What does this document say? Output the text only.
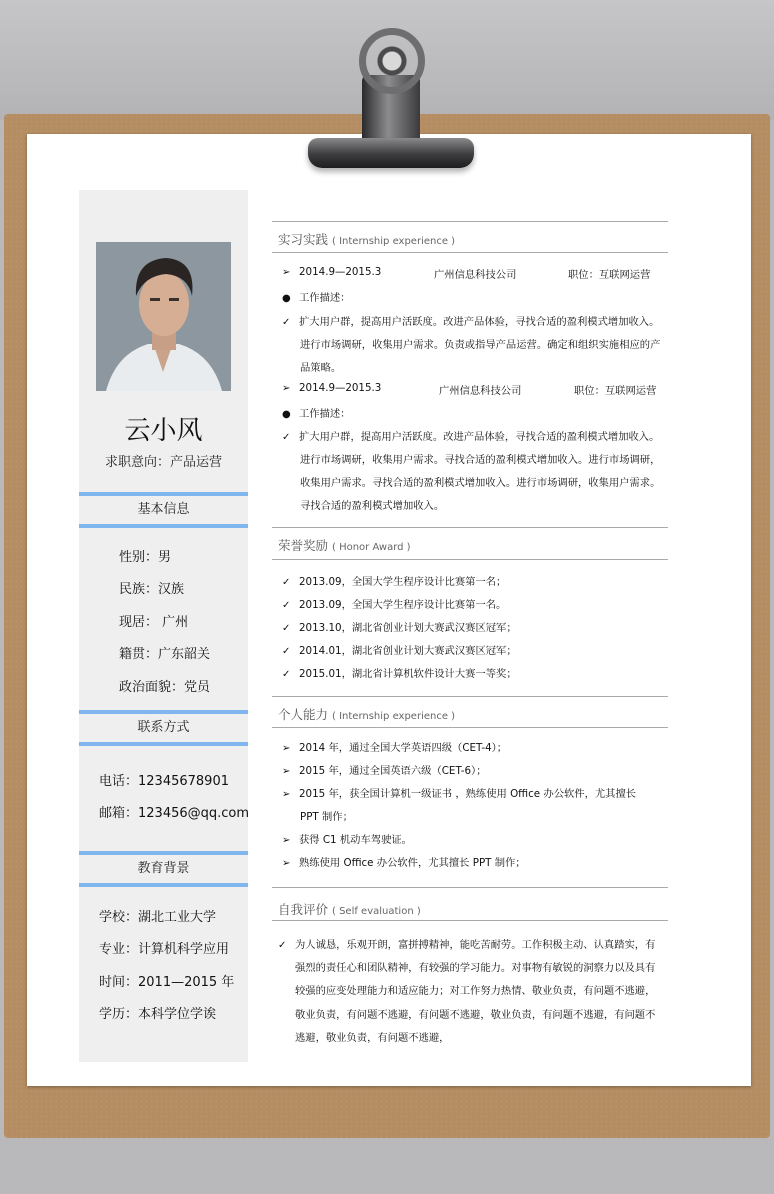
云小风
求职意向：产品运营
基本信息
性别：男
民族：汉族
现居： 广州
籍贯：广东韶关
政治面貌：党员
联系方式
电话：12345678901
邮箱：123456@qq.com
教育背景
学校：湖北工业大学
专业：计算机科学应用
时间：2011—2015 年
学历：本科学位学诶
实习实践 ( Internship experience )
➢ 2014.9—2015.3	广州信息科技公司	职位：互联网运营
● 工作描述：
✓ 扩大用户群，提高用户活跃度。改进产品体验，寻找合适的盈利模式增加收入。
进行市场调研，收集用户需求。负责或指导产品运营。确定和组织实施相应的产
品策略。
➢ 2014.9—2015.3	广州信息科技公司	职位：互联网运营
● 工作描述：
✓ 扩大用户群，提高用户活跃度。改进产品体验，寻找合适的盈利模式增加收入。
进行市场调研，收集用户需求。寻找合适的盈利模式增加收入。进行市场调研，
收集用户需求。寻找合适的盈利模式增加收入。进行市场调研，收集用户需求。
寻找合适的盈利模式增加收入。
荣誉奖励 ( Honor Award )
✓ 2013.09，全国大学生程序设计比赛第一名；
✓ 2013.09，全国大学生程序设计比赛第一名。
✓ 2013.10，湖北省创业计划大赛武汉赛区冠军；
✓ 2014.01，湖北省创业计划大赛武汉赛区冠军；
✓ 2015.01，湖北省计算机软件设计大赛一等奖；
个人能力 ( Internship experience )
➢ 2014 年，通过全国大学英语四级（CET-4）；
➢ 2015 年，通过全国英语六级（CET-6）；
➢ 2015 年，获全国计算机一级证书 ，熟练使用 Office 办公软件，尤其擅长
PPT 制作；
➢ 获得 C1 机动车驾驶证。
➢ 熟练使用 Office 办公软件，尤其擅长 PPT 制作；
自我评价 ( Self evaluation )
✓ 为人诚恳，乐观开朗，富拼搏精神，能吃苦耐劳。工作积极主动、认真踏实，有
强烈的责任心和团队精神，有较强的学习能力。对事物有敏锐的洞察力以及具有
较强的应变处理能力和适应能力；对工作努力热情、敬业负责，有问题不逃避，
敬业负责，有问题不逃避，有问题不逃避，敬业负责，有问题不逃避，有问题不
逃避，敬业负责，有问题不逃避，
